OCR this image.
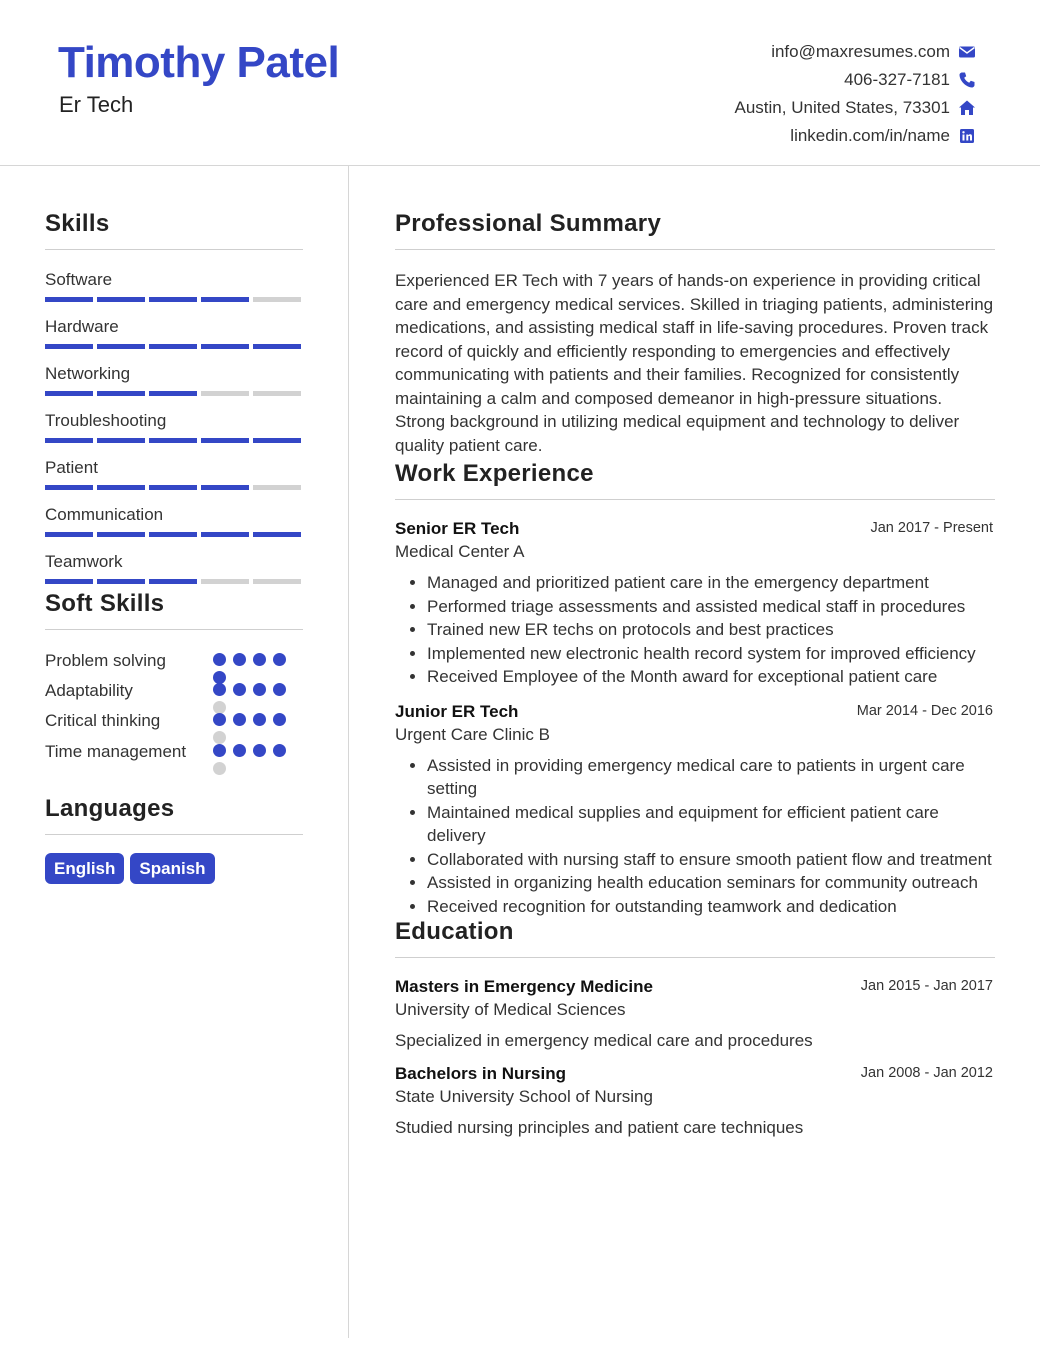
Timothy Patel
Er Tech
info@maxresumes.com
406-327-7181
Austin, United States, 73301
linkedin.com/in/name
Skills
Software
Hardware
Networking
Troubleshooting
Patient
Communication
Teamwork
Soft Skills
Problem solving
Adaptability
Critical thinking
Time management
Languages
English	Spanish
Professional Summary
Experienced ER Tech with 7 years of hands-on experience in providing critical care and emergency medical services. Skilled in triaging patients, administering medications, and assisting medical staff in life-saving procedures. Proven track record of quickly and efficiently responding to emergencies and effectively communicating with patients and their families. Recognized for consistently maintaining a calm and composed demeanor in high-pressure situations. Strong background in utilizing medical equipment and technology to deliver quality patient care.
Work Experience
Senior ER Tech	Jan 2017 - Present
Medical Center A
• Managed and prioritized patient care in the emergency department
• Performed triage assessments and assisted medical staff in procedures
• Trained new ER techs on protocols and best practices
• Implemented new electronic health record system for improved efficiency
• Received Employee of the Month award for exceptional patient care
Junior ER Tech	Mar 2014 - Dec 2016
Urgent Care Clinic B
• Assisted in providing emergency medical care to patients in urgent care setting
• Maintained medical supplies and equipment for efficient patient care delivery
• Collaborated with nursing staff to ensure smooth patient flow and treatment
• Assisted in organizing health education seminars for community outreach
• Received recognition for outstanding teamwork and dedication
Education
Masters in Emergency Medicine	Jan 2015 - Jan 2017
University of Medical Sciences
Specialized in emergency medical care and procedures
Bachelors in Nursing	Jan 2008 - Jan 2012
State University School of Nursing
Studied nursing principles and patient care techniques
